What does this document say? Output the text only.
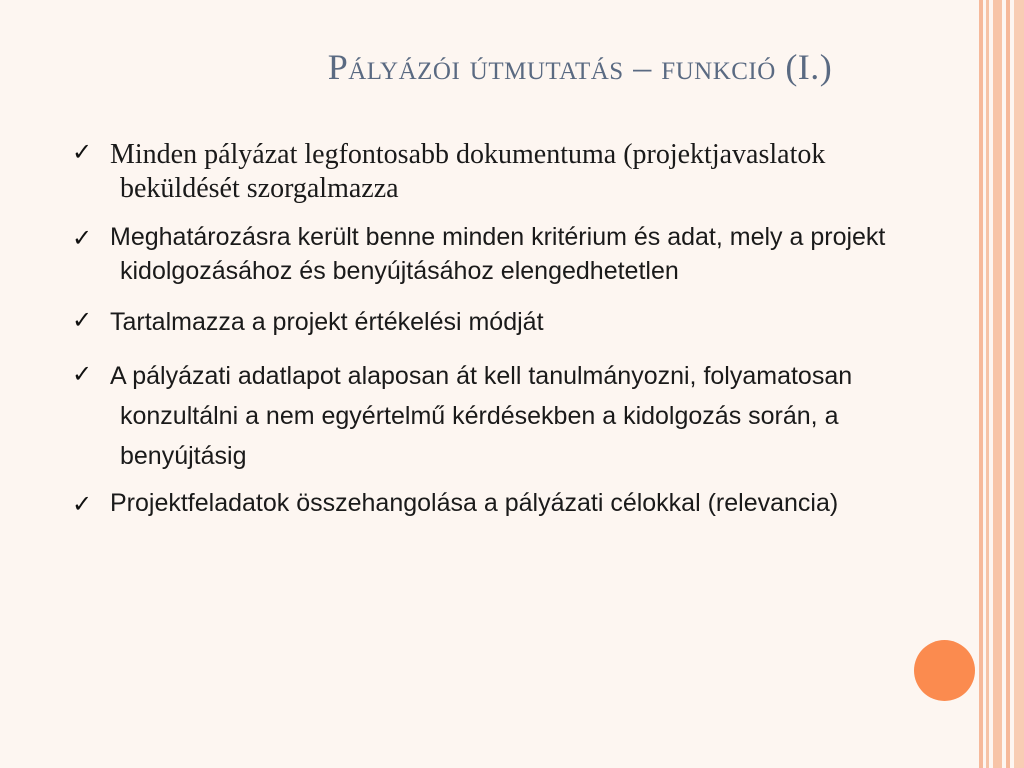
Pályázói útmutatás – funkció (I.)
✓ Minden pályázat legfontosabb dokumentuma (projektjavaslatok beküldését szorgalmazza
✓ Meghatározásra került benne minden kritérium és adat, mely a projekt kidolgozásához és benyújtásához elengedhetetlen
✓ Tartalmazza a projekt értékelési módját
✓ A pályázati adatlapot alaposan át kell tanulmányozni, folyamatosan konzultálni a nem egyértelmű kérdésekben a kidolgozás során, a benyújtásig
✓ Projektfeladatok összehangolása a pályázati célokkal (relevancia)
